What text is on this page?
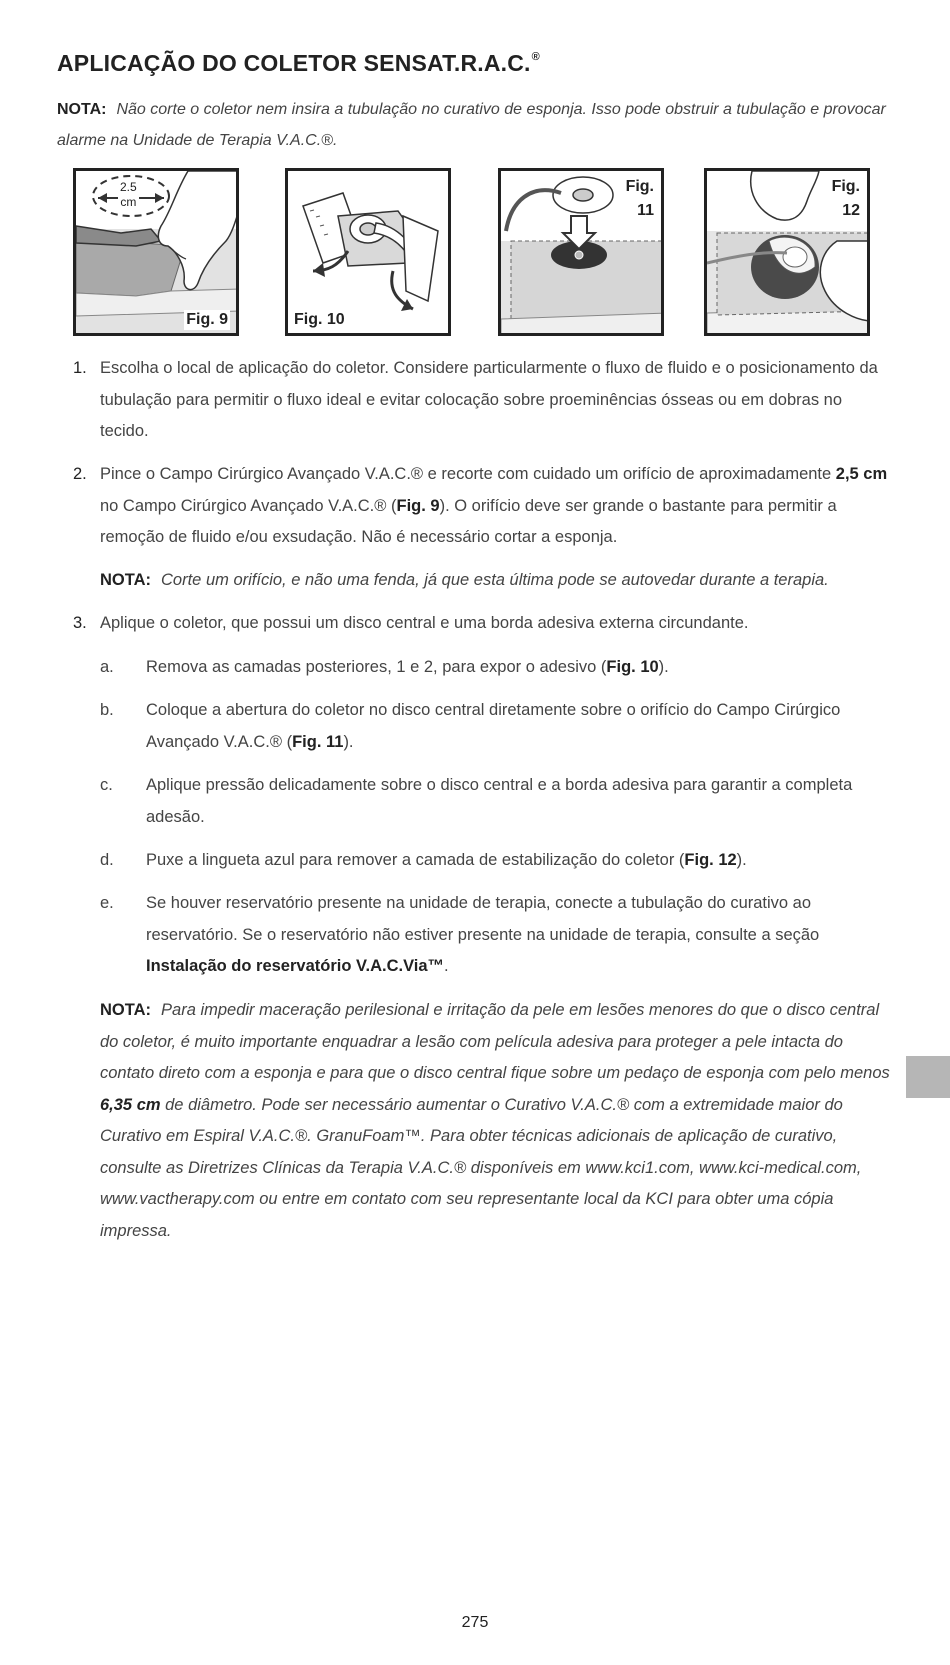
APLICAÇÃO DO COLETOR SENSAT.R.A.C.®
NOTA: Não corte o coletor nem insira a tubulação no curativo de esponja. Isso pode obstruir a tubulação e provocar alarme na Unidade de Terapia V.A.C.®.
2.5
cm
Fig. 9	Fig. 10
Fig.
11
Fig.
12
1. Escolha o local de aplicação do coletor. Considere particularmente o fluxo de fluido e o posicionamento da tubulação para permitir o fluxo ideal e evitar colocação sobre proeminências ósseas ou em dobras no tecido.

2. Pince o Campo Cirúrgico Avançado V.A.C.® e recorte com cuidado um orifício de aproximadamente 2,5 cm no Campo Cirúrgico Avançado V.A.C.® (Fig. 9). O orifício deve ser grande o bastante para permitir a remoção de fluido e/ou exsudação. Não é necessário cortar a esponja.

NOTA: Corte um orifício, e não uma fenda, já que esta última pode se autovedar durante a terapia.

3. Aplique o coletor, que possui um disco central e uma borda adesiva externa circundante.

a. Remova as camadas posteriores, 1 e 2, para expor o adesivo (Fig. 10).

b. Coloque a abertura do coletor no disco central diretamente sobre o orifício do Campo Cirúrgico Avançado V.A.C.® (Fig. 11).

c. Aplique pressão delicadamente sobre o disco central e a borda adesiva para garantir a completa adesão.

d. Puxe a lingueta azul para remover a camada de estabilização do coletor (Fig. 12).

e. Se houver reservatório presente na unidade de terapia, conecte a tubulação do curativo ao reservatório. Se o reservatório não estiver presente na unidade de terapia, consulte a seção Instalação do reservatório V.A.C.Via™.

NOTA: Para impedir maceração perilesional e irritação da pele em lesões menores do que o disco central do coletor, é muito importante enquadrar a lesão com película adesiva para proteger a pele intacta do contato direto com a esponja e para que o disco central fique sobre um pedaço de esponja com pelo menos 6,35 cm de diâmetro. Pode ser necessário aumentar o Curativo V.A.C.® com a extremidade maior do Curativo em Espiral V.A.C.®. GranuFoam™. Para obter técnicas adicionais de aplicação de curativo, consulte as Diretrizes Clínicas da Terapia V.A.C.® disponíveis em www.kci1.com, www.kci-medical.com, www.vactherapy.com ou entre em contato com seu representante local da KCI para obter uma cópia impressa.

275
